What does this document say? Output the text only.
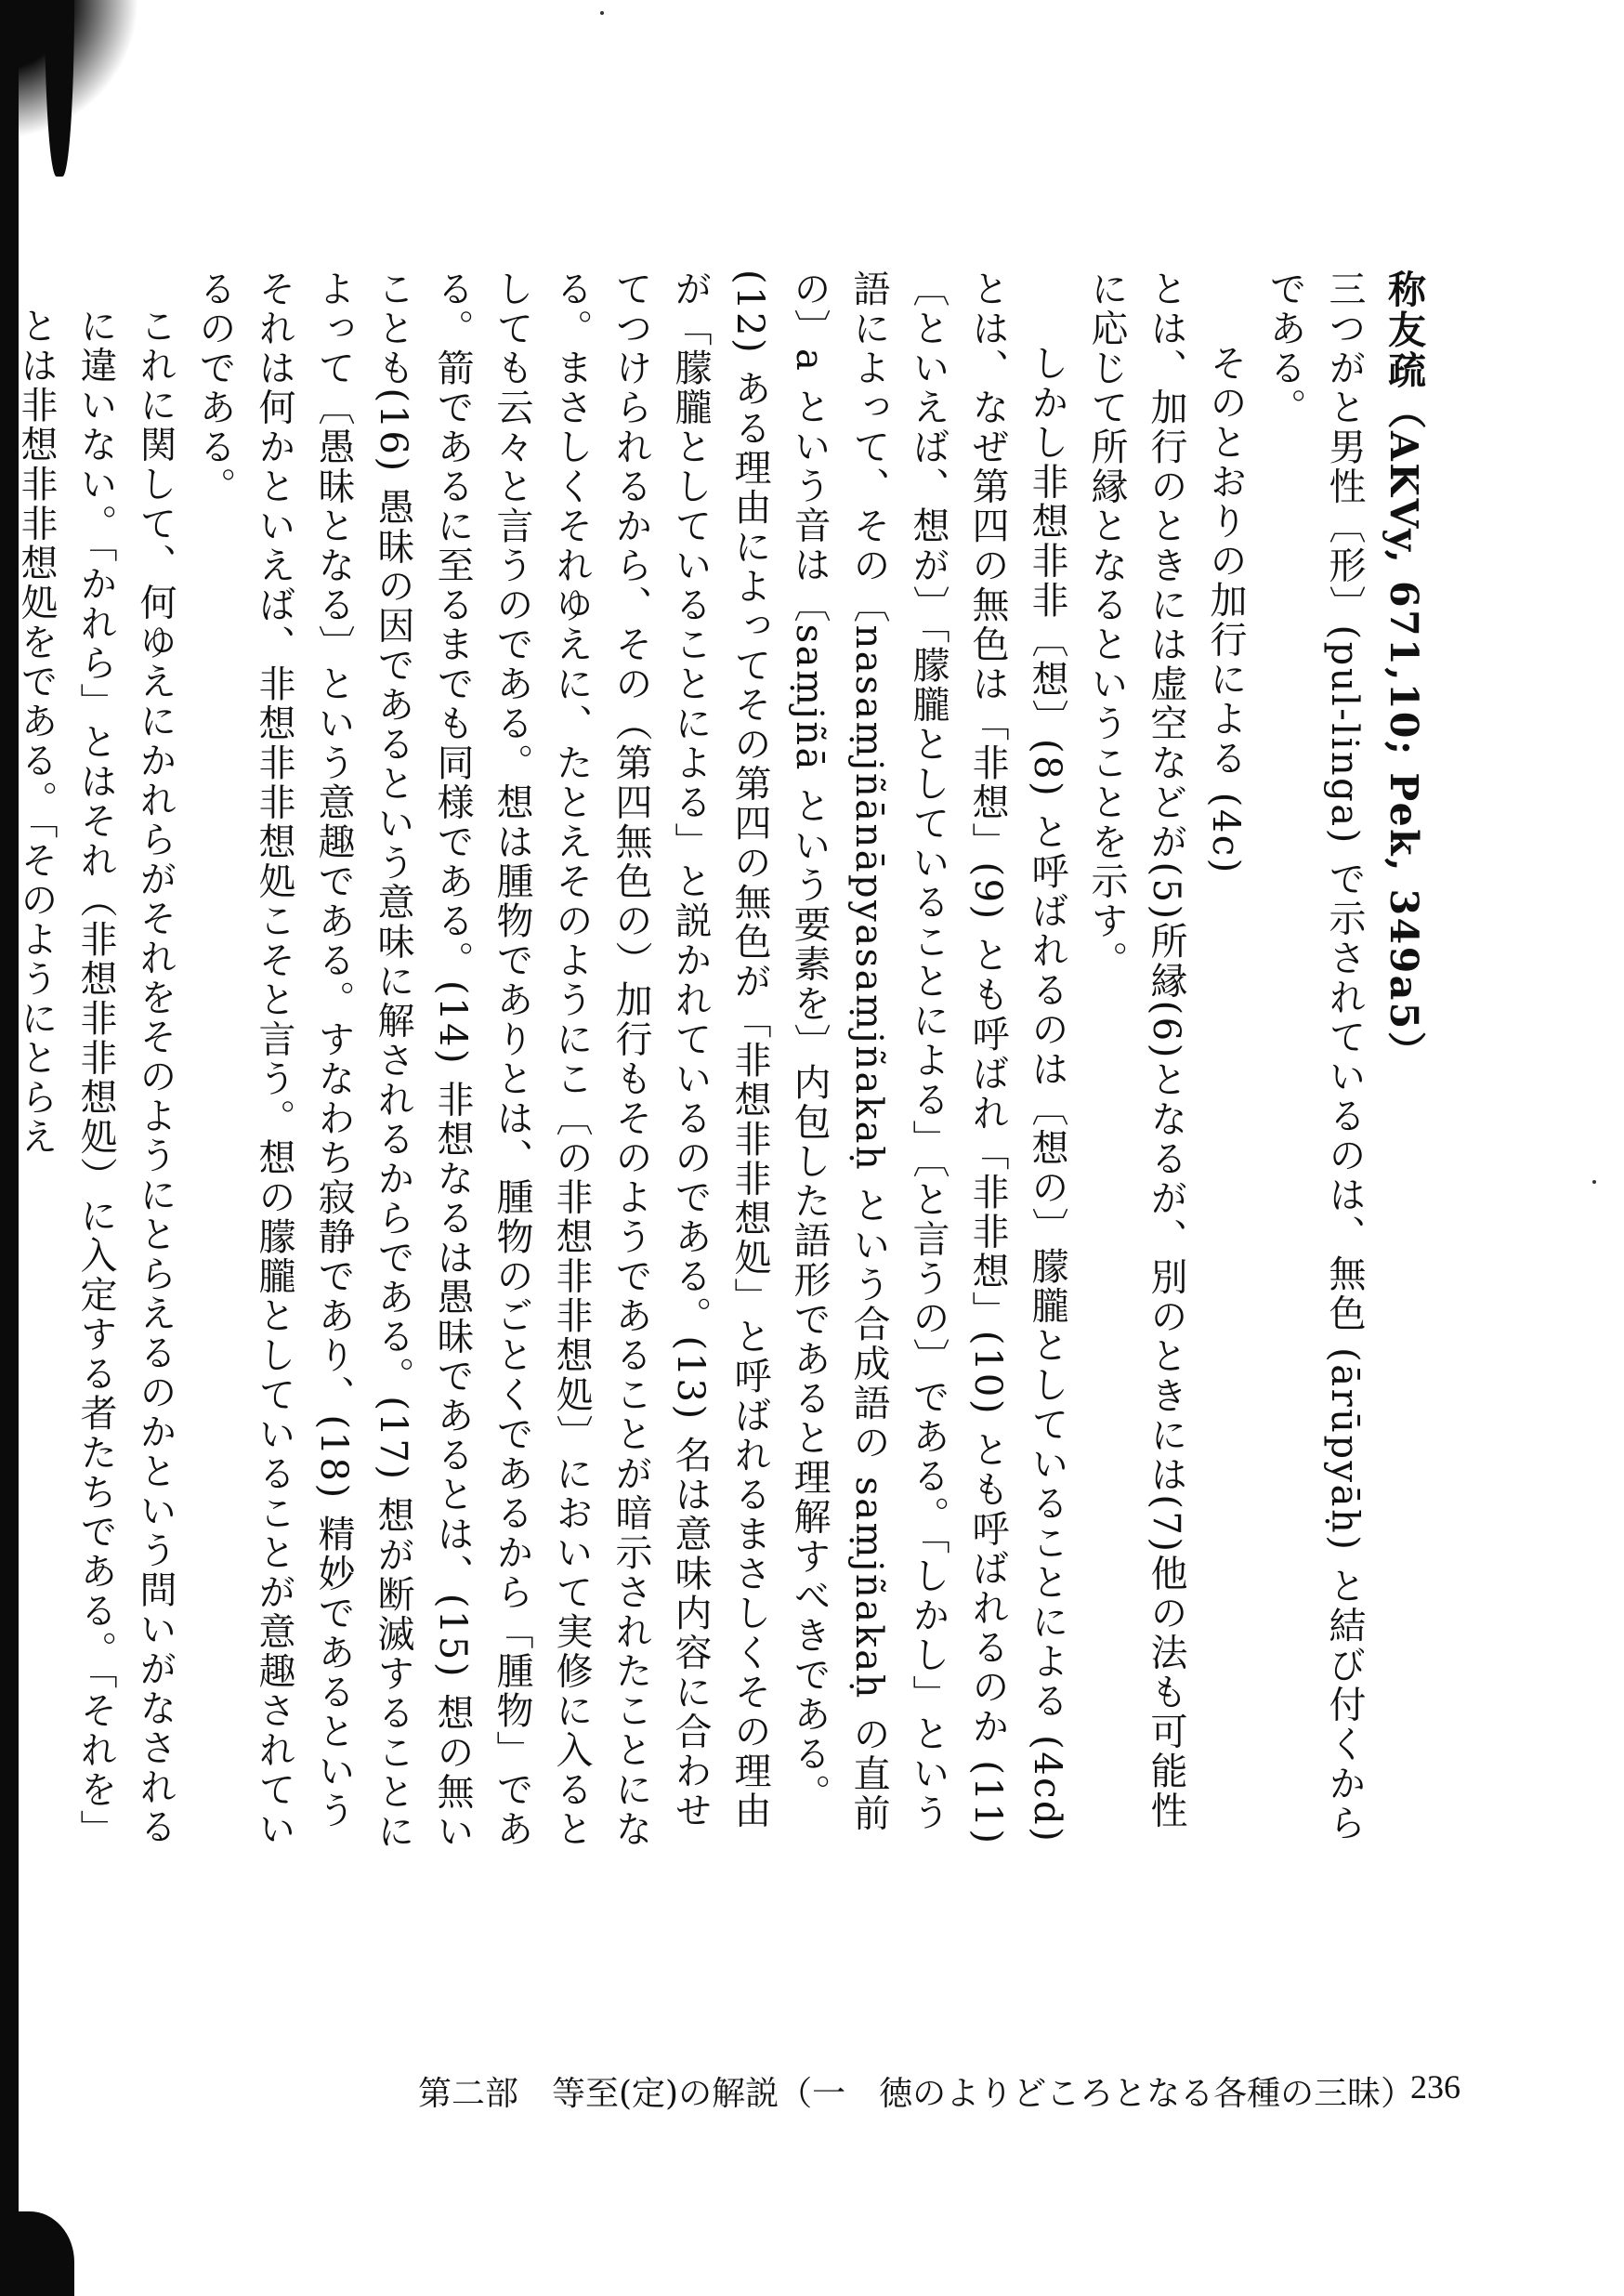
称友疏（AKVy, 671,10; Pek, 349a5）

三つがと男性〔形〕(pul-linga) で示されているのは、無色 (ārūpyāḥ) と結び付くからである。

そのとおりの加行による (4c)

とは、加行のときには虚空などが(5)所縁(6)となるが、別のときには(7)他の法も可能性に応じて所縁となるということを示す。

しかし非想非非〔想〕(8) と呼ばれるのは〔想の〕朦朧としていることによる (4cd)

とは、なぜ第四の無色は「非想」(9) とも呼ばれ「非非想」(10) とも呼ばれるのか (11)〔といえば、想が〕「朦朧としていることによる」〔と言うの〕である。「しかし」という語によって、その〔nasaṃjñānāpyasaṃjñakaḥ という合成語の saṃjñakaḥ の直前の〕a という音は〔saṃjñā という要素を〕内包した語形であると理解すべきである。(12) ある理由によってその第四の無色が「非想非非想処」と呼ばれるまさしくその理由が「朦朧としていることによる」と説かれているのである。(13) 名は意味内容に合わせてつけられるから、その（第四無色の）加行もそのようであることが暗示されたことになる。まさしくそれゆえに、たとえそのようにこ〔の非想非非想処〕において実修に入るとしても云々と言うのである。想は腫物でありとは、腫物のごとくであるから「腫物」である。箭であるに至るまでも同様である。(14) 非想なるは愚昧であるとは、(15) 想の無いことも(16) 愚昧の因であるという意味に解されるからである。(17) 想が断滅することによって〔愚昧となる〕という意趣である。すなわち寂静であり、(18) 精妙であるというそれは何かといえば、非想非非想処こそと言う。想の朦朧としていることが意趣されているのである。

これに関して、何ゆえにかれらがそれをそのようにとらえるのかという問いがなされるに違いない。「かれら」とはそれ（非想非非想処）に入定する者たちである。「それを」とは非想非非想処をである。「そのようにとらえ

第二部　等至(定)の解説（一　徳のよりどころとなる各種の三昧）
236
